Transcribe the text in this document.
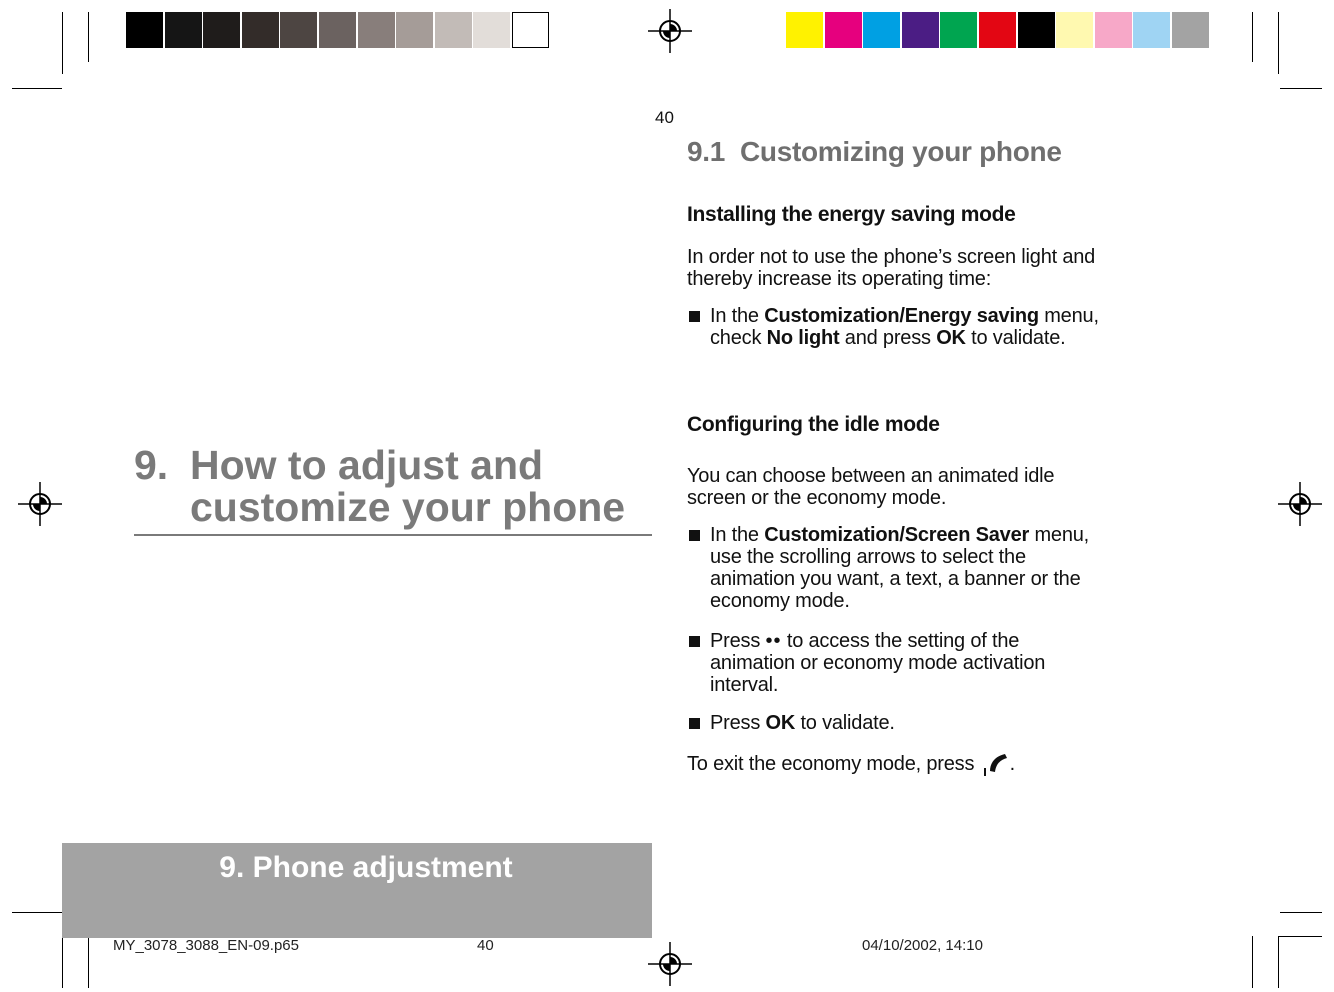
9. How to adjust and
customize your phone
9. Phone adjustment
MY_3078_3088_EN-09.p65	40	04/10/2002, 14:10
40
9.1  Customizing your phone
Installing the energy saving mode
In order not to use the phone’s screen light and thereby increase its operating time:
In the Customization/Energy saving menu, check No light and press OK to validate.
Configuring the idle mode
You can choose between an animated idle screen or the economy mode.
In the Customization/Screen Saver menu, use the scrolling arrows to select the animation you want, a text, a banner or the economy mode.
Press •• to access the setting of the animation or economy mode activation interval.
Press OK to validate.
To exit the economy mode, press .
